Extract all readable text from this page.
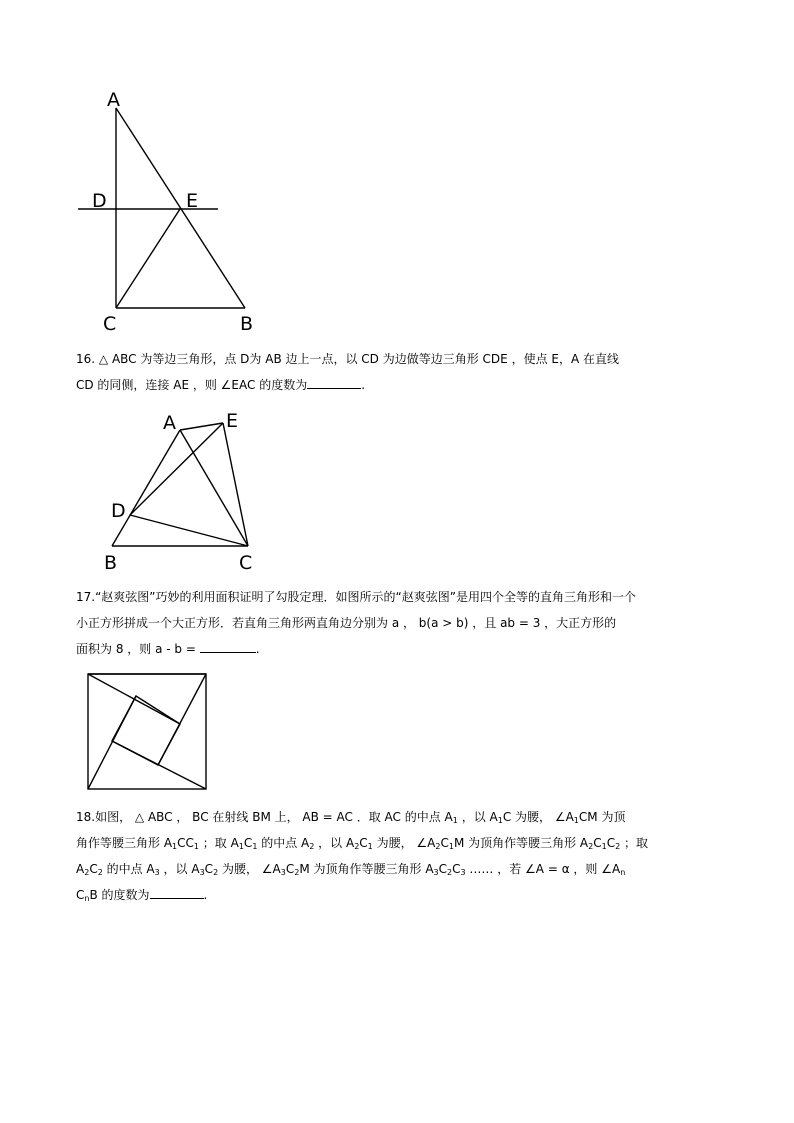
A
D	E
C	B
16. △ ABC 为等边三角形，点 D为 AB 边上一点，以 CD 为边做等边三角形 CDE ，使点 E，A 在直线
CD 的同侧，连接 AE ，则 ∠EAC 的度数为	.
A	E
D
B	C
17.“赵爽弦图”巧妙的利用面积证明了勾股定理．如图所示的“赵爽弦图”是用四个全等的直角三角形和一个
小正方形拼成一个大正方形．若直角三角形两直角边分别为 a ， b(a > b) ，且 ab = 3 ，大正方形的
面积为 8 ，则 a - b =	.
18.如图， △ ABC ， BC 在射线 BM 上， AB = AC ．取 AC 的中点 $A_1$ ，以 $A_1C$ 为腰， $\angle A_1CM$ 为顶
角作等腰三角形 $A_1CC_1$ ；取 $A_1C_1$ 的中点 $A_2$ ，以 $A_2C_1$ 为腰， $\angle A_2C_1M$ 为顶角作等腰三角形 $A_2C_1C_2$ ；取
$A_2C_2$ 的中点 $A_3$ ，以 $A_3C_2$ 为腰， $\angle A_3C_2M$ 为顶角作等腰三角形 $A_3C_2C_3$ …… ，若 ∠A = α ，则 $\angle A_n$
$C_nB$ 的度数为	.
